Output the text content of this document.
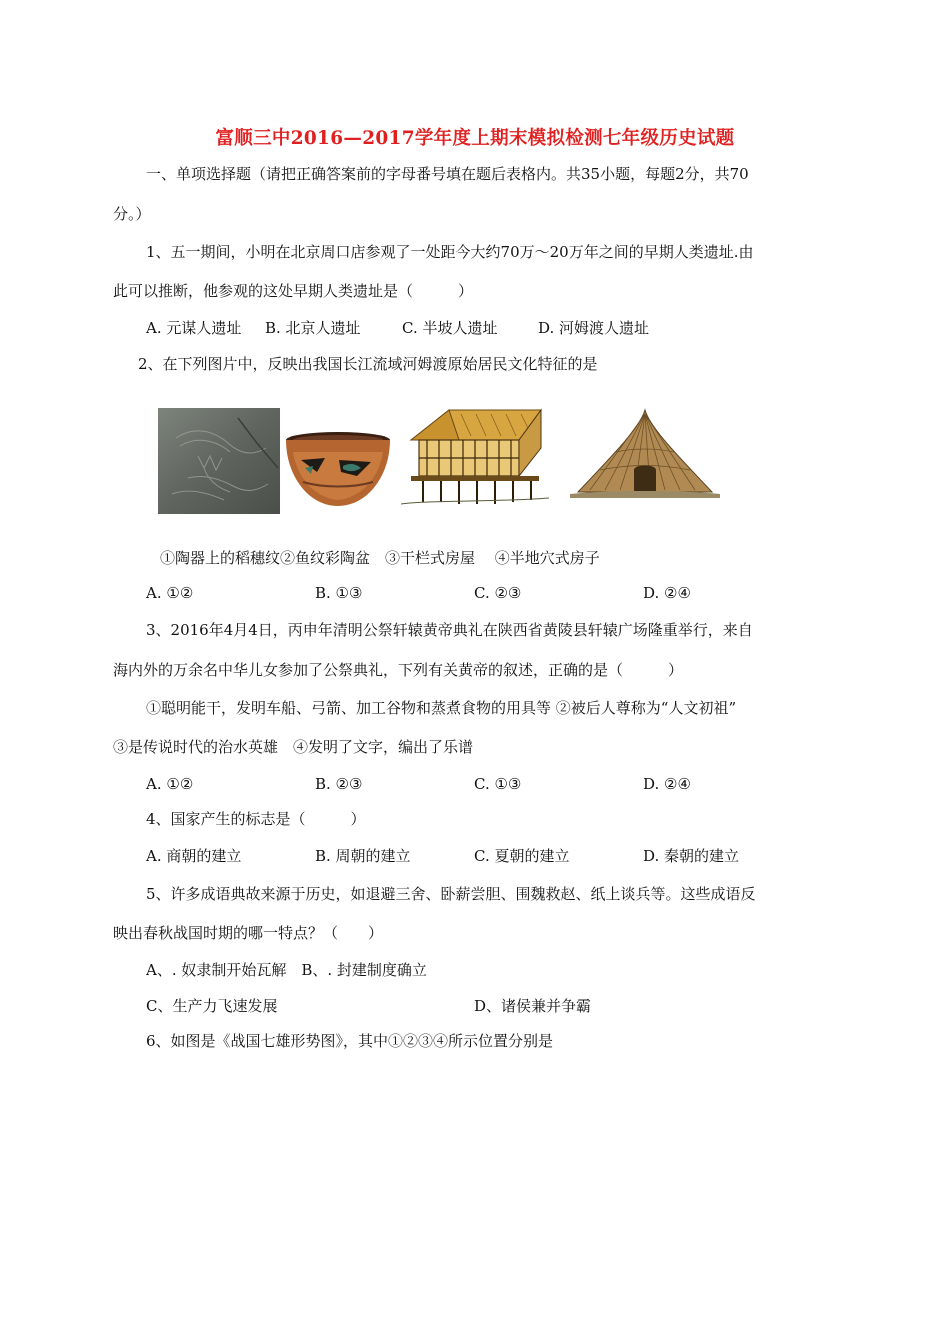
富顺三中2016—2017学年度上期末模拟检测七年级历史试题
一、单项选择题（请把正确答案前的字母番号填在题后表格内。共35小题，每题2分，共70
分。）
1、五一期间，小明在北京周口店参观了一处距今大约70万～20万年之间的早期人类遗址.由
此可以推断，他参观的这处早期人类遗址是（　　　）
A. 元谋人遗址 B. 北京人遗址	C. 半坡人遗址	D. 河姆渡人遗址
2、在下列图片中，反映出我国长江流域河姆渡原始居民文化特征的是
①陶器上的稻穗纹②鱼纹彩陶盆　③干栏式房屋　 ④半地穴式房子
A. ①②	B. ①③	C. ②③	D. ②④
3、2016年4月4日，丙申年清明公祭轩辕黄帝典礼在陕西省黄陵县轩辕广场隆重举行，来自
海内外的万余名中华儿女参加了公祭典礼，下列有关黄帝的叙述，正确的是（　　　）
①聪明能干，发明车船、弓箭、加工谷物和蒸煮食物的用具等 ②被后人尊称为“人文初祖”
③是传说时代的治水英雄　④发明了文字，编出了乐谱
A. ①②	B. ②③	C. ①③	D. ②④
4、国家产生的标志是（　　　）
A. 商朝的建立	B. 周朝的建立	C. 夏朝的建立	D. 秦朝的建立
5、许多成语典故来源于历史，如退避三舍、卧薪尝胆、围魏救赵、纸上谈兵等。这些成语反
映出春秋战国时期的哪一特点？（　　）
A、. 奴隶制开始瓦解　B、. 封建制度确立
C、生产力飞速发展	D、诸侯兼并争霸
6、如图是《战国七雄形势图》，其中①②③④所示位置分别是
